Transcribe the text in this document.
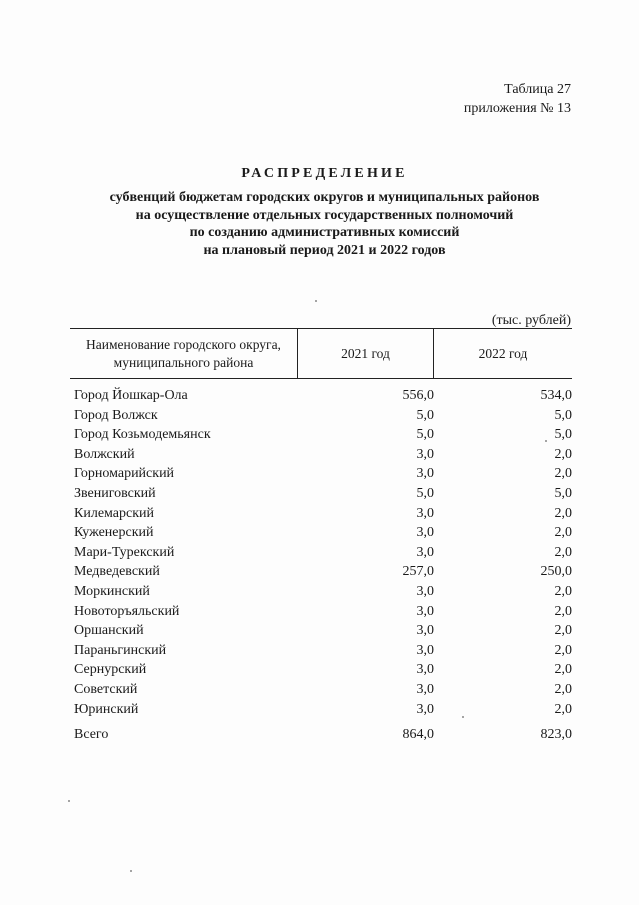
Таблица 27
приложения № 13
РАСПРЕДЕЛЕНИЕ
субвенций бюджетам городских округов и муниципальных районов
на осуществление отдельных государственных полномочий
по созданию административных комиссий
на плановый период 2021 и 2022 годов
(тыс. рублей)
Наименование городского округа, муниципального района
2021 год	2022 год
Город Йошкар-Ола	556,0	534,0
Город Волжск	5,0	5,0
Город Козьмодемьянск	5,0	5,0
Волжский	3,0	2,0
Горномарийский	3,0	2,0
Звениговский	5,0	5,0
Килемарский	3,0	2,0
Куженерский	3,0	2,0
Мари-Турекский	3,0	2,0
Медведевский	257,0	250,0
Моркинский	3,0	2,0
Новоторъяльский	3,0	2,0
Оршанский	3,0	2,0
Параньгинский	3,0	2,0
Сернурский	3,0	2,0
Советский	3,0	2,0
Юринский	3,0	2,0
Всего	864,0	823,0
